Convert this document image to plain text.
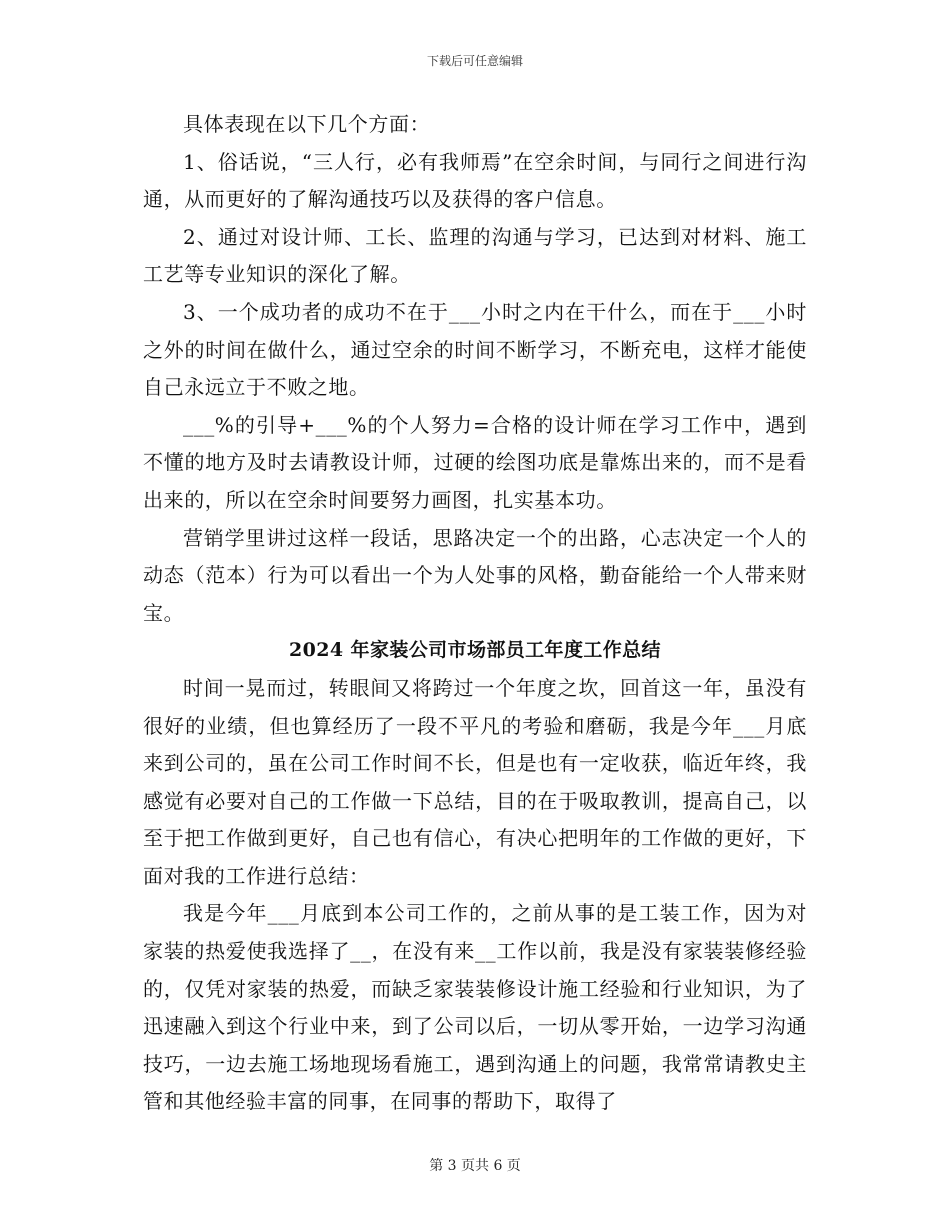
下载后可任意编辑

具体表现在以下几个方面：

1、俗话说，“三人行，必有我师焉”在空余时间，与同行之间进行沟通，从而更好的了解沟通技巧以及获得的客户信息。

2、通过对设计师、工长、监理的沟通与学习，已达到对材料、施工工艺等专业知识的深化了解。

3、一个成功者的成功不在于___小时之内在干什么，而在于___小时之外的时间在做什么，通过空余的时间不断学习，不断充电，这样才能使自己永远立于不败之地。

___%的引导+___%的个人努力=合格的设计师在学习工作中，遇到不懂的地方及时去请教设计师，过硬的绘图功底是靠炼出来的，而不是看出来的，所以在空余时间要努力画图，扎实基本功。

营销学里讲过这样一段话，思路决定一个的出路，心志决定一个人的动态（范本）行为可以看出一个为人处事的风格，勤奋能给一个人带来财宝。

2024 年家装公司市场部员工年度工作总结

时间一晃而过，转眼间又将跨过一个年度之坎，回首这一年，虽没有很好的业绩，但也算经历了一段不平凡的考验和磨砺，我是今年___月底来到公司的，虽在公司工作时间不长，但是也有一定收获，临近年终，我感觉有必要对自己的工作做一下总结，目的在于吸取教训，提高自己，以至于把工作做到更好，自己也有信心，有决心把明年的工作做的更好，下面对我的工作进行总结：

我是今年___月底到本公司工作的，之前从事的是工装工作，因为对家装的热爱使我选择了__，在没有来__工作以前，我是没有家装装修经验的，仅凭对家装的热爱，而缺乏家装装修设计施工经验和行业知识，为了迅速融入到这个行业中来，到了公司以后，一切从零开始，一边学习沟通技巧，一边去施工场地现场看施工，遇到沟通上的问题，我常常请教史主管和其他经验丰富的同事，在同事的帮助下，取得了

第 3 页共 6 页
